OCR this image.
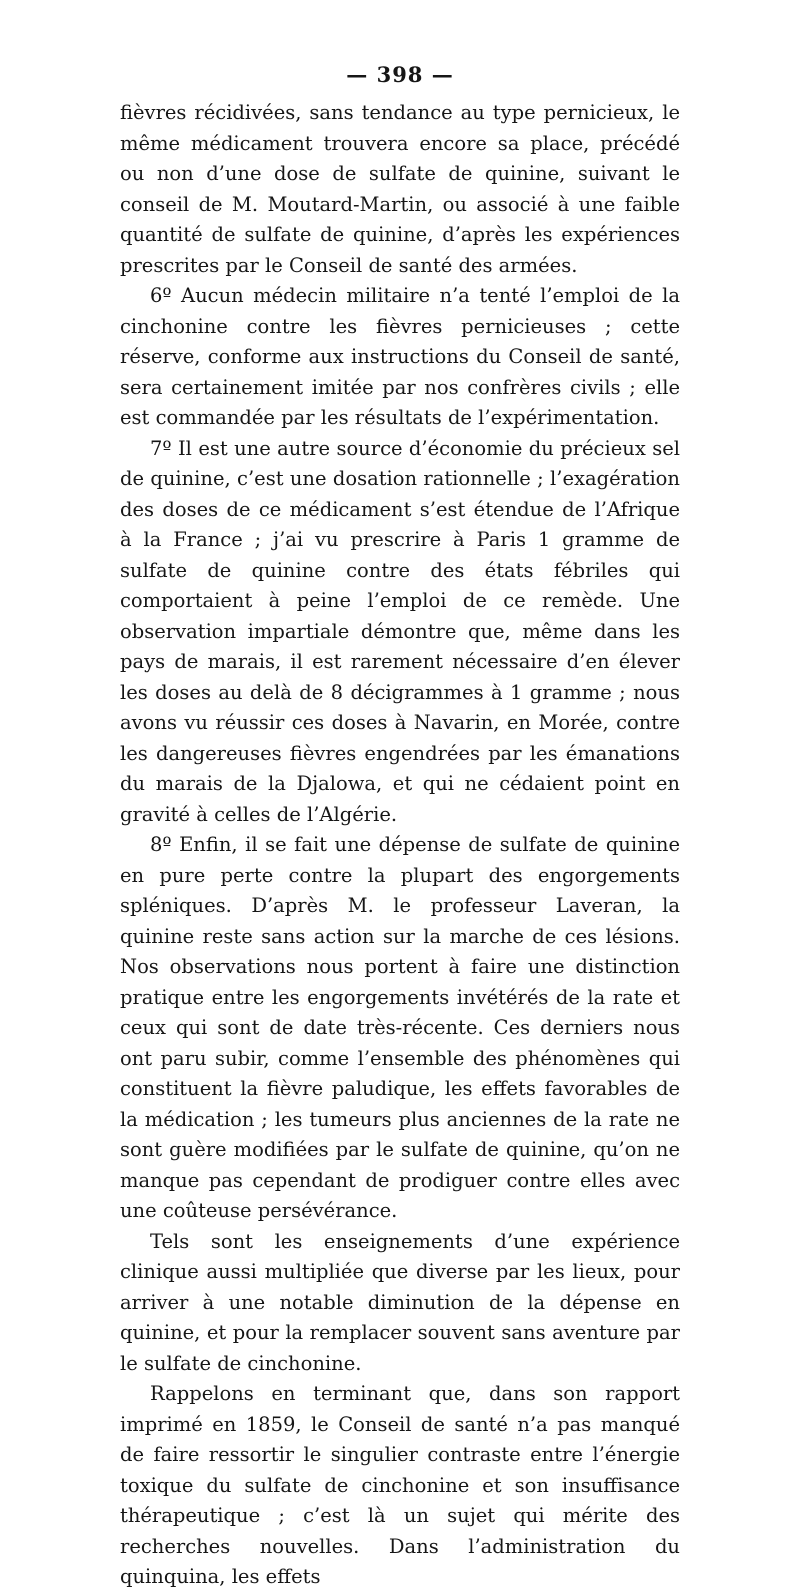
— 398 —

fièvres récidivées, sans tendance au type pernicieux, le même médicament trouvera encore sa place, précédé ou non d’une dose de sulfate de quinine, suivant le conseil de M. Moutard-Martin, ou associé à une faible quantité de sulfate de quinine, d’après les expériences prescrites par le Conseil de santé des armées.

6º Aucun médecin militaire n’a tenté l’emploi de la cinchonine contre les fièvres pernicieuses ; cette réserve, conforme aux instructions du Conseil de santé, sera certainement imitée par nos confrères civils ; elle est commandée par les résultats de l’expérimentation.

7º Il est une autre source d’économie du précieux sel de quinine, c’est une dosation rationnelle ; l’exagération des doses de ce médicament s’est étendue de l’Afrique à la France ; j’ai vu prescrire à Paris 1 gramme de sulfate de quinine contre des états fébriles qui comportaient à peine l’emploi de ce remède. Une observation impartiale démontre que, même dans les pays de marais, il est rarement nécessaire d’en élever les doses au delà de 8 décigrammes à 1 gramme ; nous avons vu réussir ces doses à Navarin, en Morée, contre les dangereuses fièvres engendrées par les émanations du marais de la Djalowa, et qui ne cédaient point en gravité à celles de l’Algérie.

8º Enfin, il se fait une dépense de sulfate de quinine en pure perte contre la plupart des engorgements spléniques. D’après M. le professeur Laveran, la quinine reste sans action sur la marche de ces lésions. Nos observations nous portent à faire une distinction pratique entre les engorgements invétérés de la rate et ceux qui sont de date très-récente. Ces derniers nous ont paru subir, comme l’ensemble des phénomènes qui constituent la fièvre paludique, les effets favorables de la médication ; les tumeurs plus anciennes de la rate ne sont guère modifiées par le sulfate de quinine, qu’on ne manque pas cependant de prodiguer contre elles avec une coûteuse persévérance.

Tels sont les enseignements d’une expérience clinique aussi multipliée que diverse par les lieux, pour arriver à une notable diminution de la dépense en quinine, et pour la remplacer souvent sans aventure par le sulfate de cinchonine.

Rappelons en terminant que, dans son rapport imprimé en 1859, le Conseil de santé n’a pas manqué de faire ressortir le singulier contraste entre l’énergie toxique du sulfate de cinchonine et son insuffisance thérapeutique ; c’est là un sujet qui mérite des recherches nouvelles. Dans l’administration du quinquina, les effets
